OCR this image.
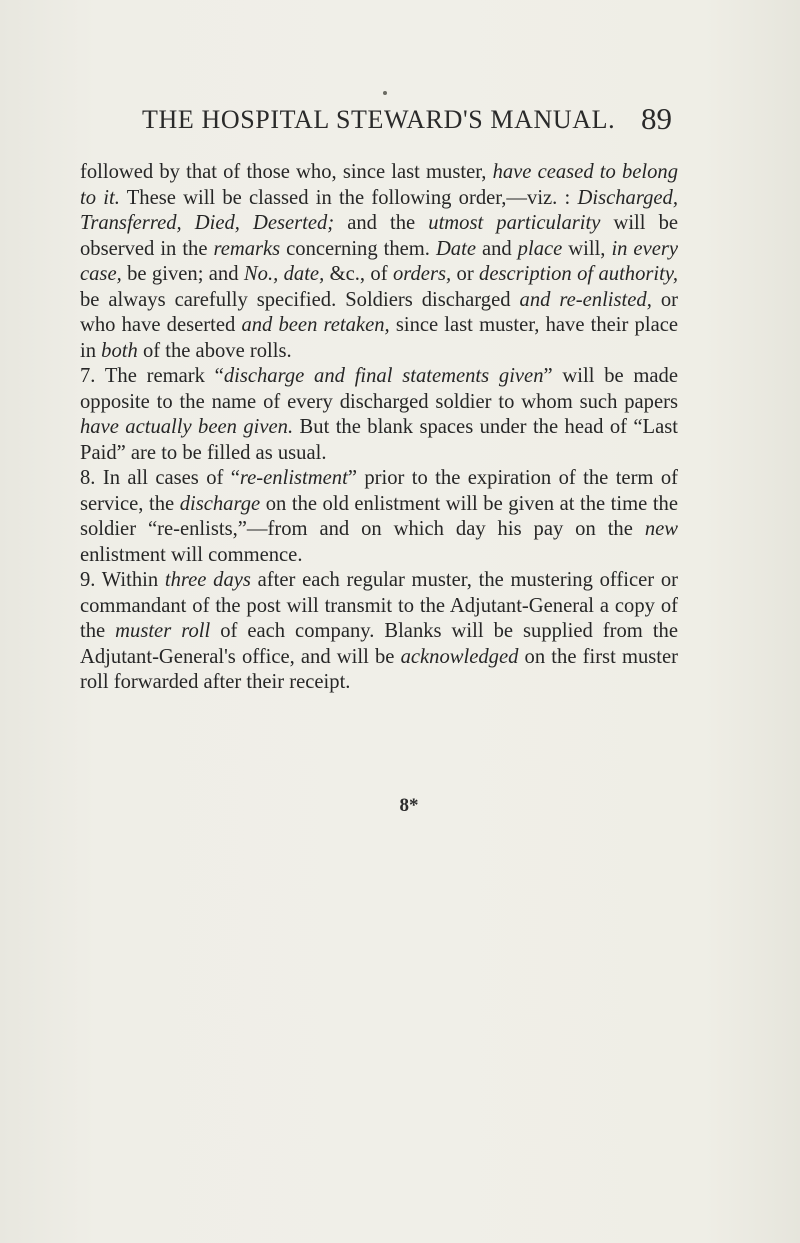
THE HOSPITAL STEWARD'S MANUAL. 89

followed by that of those who, since last muster, have ceased to belong to it. These will be classed in the following order,—viz. : Discharged, Transferred, Died, Deserted; and the utmost particularity will be observed in the remarks concerning them. Date and place will, in every case, be given; and No., date, &c., of orders, or description of authority, be always carefully specified. Soldiers discharged and re-enlisted, or who have deserted and been retaken, since last muster, have their place in both of the above rolls.

7. The remark “discharge and final statements given” will be made opposite to the name of every discharged soldier to whom such papers have actually been given. But the blank spaces under the head of “Last Paid” are to be filled as usual.

8. In all cases of “re-enlistment” prior to the expiration of the term of service, the discharge on the old enlistment will be given at the time the soldier “re-enlists,”—from and on which day his pay on the new enlistment will commence.

9. Within three days after each regular muster, the mustering officer or commandant of the post will transmit to the Adjutant-General a copy of the muster roll of each company. Blanks will be supplied from the Adjutant-General's office, and will be acknowledged on the first muster roll forwarded after their receipt.

8*
